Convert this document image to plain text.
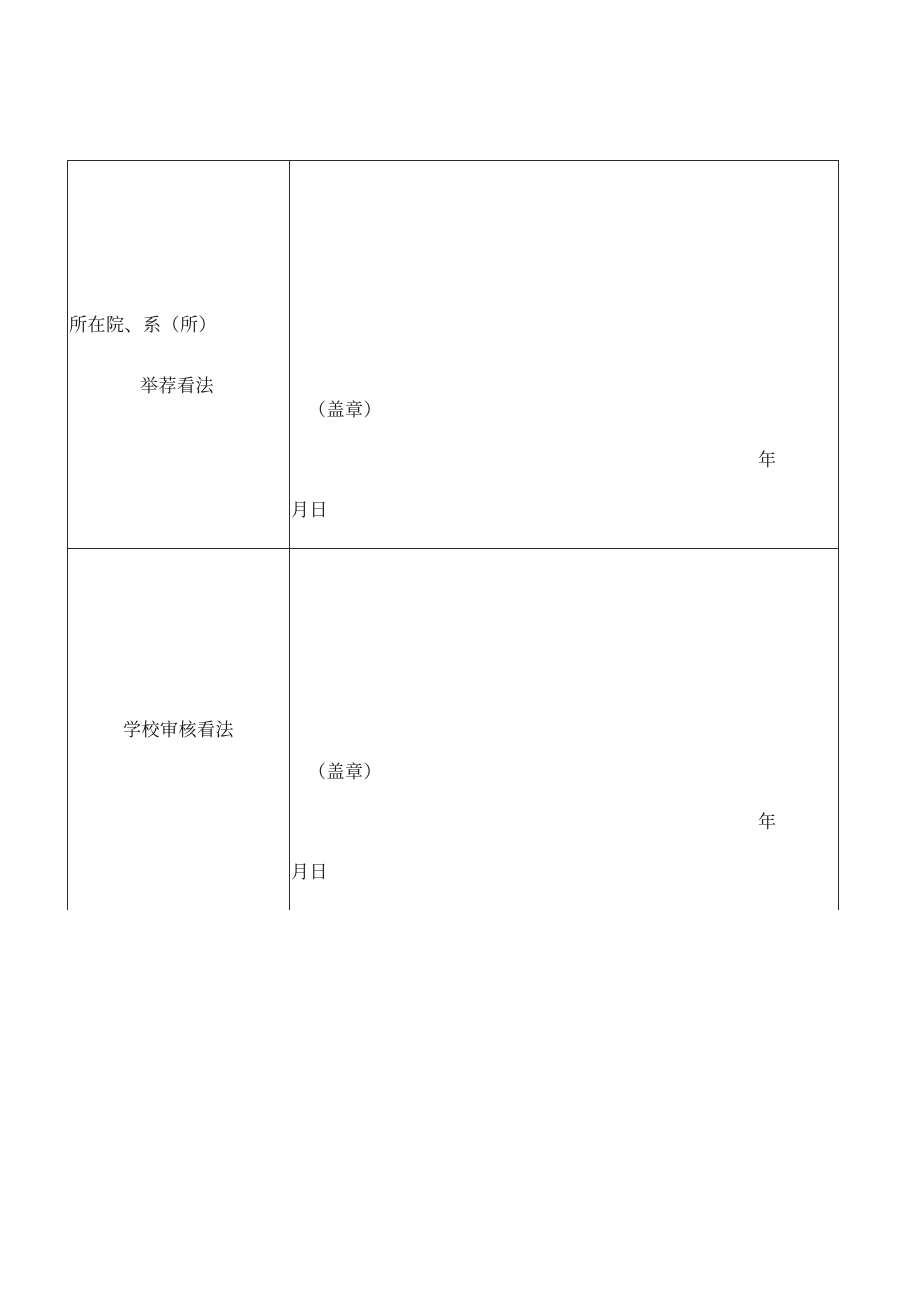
所在院、系（所）
举荐看法
（盖章）
年
月日
学校审核看法
（盖章）
年
月日
